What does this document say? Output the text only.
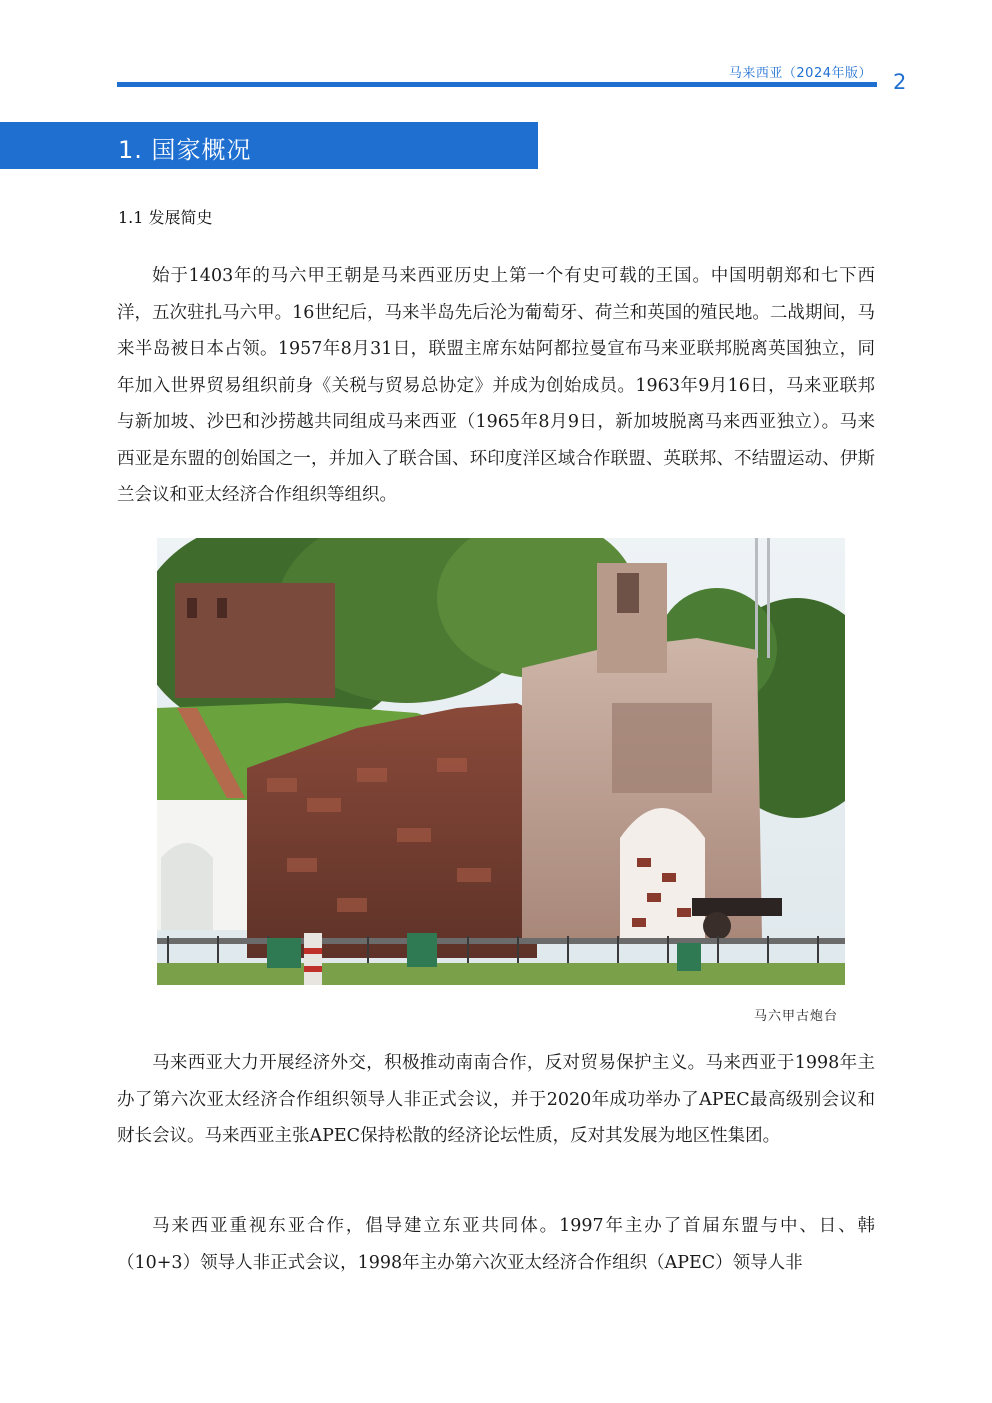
马来西亚（2024年版） 2
1. 国家概况
1.1 发展简史

始于1403年的马六甲王朝是马来西亚历史上第一个有史可载的王国。中国明朝郑和七下西洋，五次驻扎马六甲。16世纪后，马来半岛先后沦为葡萄牙、荷兰和英国的殖民地。二战期间，马来半岛被日本占领。1957年8月31日，联盟主席东姑阿都拉曼宣布马来亚联邦脱离英国独立，同年加入世界贸易组织前身《关税与贸易总协定》并成为创始成员。1963年9月16日，马来亚联邦与新加坡、沙巴和沙捞越共同组成马来西亚（1965年8月9日，新加坡脱离马来西亚独立）。马来西亚是东盟的创始国之一，并加入了联合国、环印度洋区域合作联盟、英联邦、不结盟运动、伊斯兰会议和亚太经济合作组织等组织。

马六甲古炮台

马来西亚大力开展经济外交，积极推动南南合作，反对贸易保护主义。马来西亚于1998年主办了第六次亚太经济合作组织领导人非正式会议，并于2020年成功举办了APEC最高级别会议和财长会议。马来西亚主张APEC保持松散的经济论坛性质，反对其发展为地区性集团。

马来西亚重视东亚合作，倡导建立东亚共同体。1997年主办了首届东盟与中、日、韩（10+3）领导人非正式会议，1998年主办第六次亚太经济合作组织（APEC）领导人非
